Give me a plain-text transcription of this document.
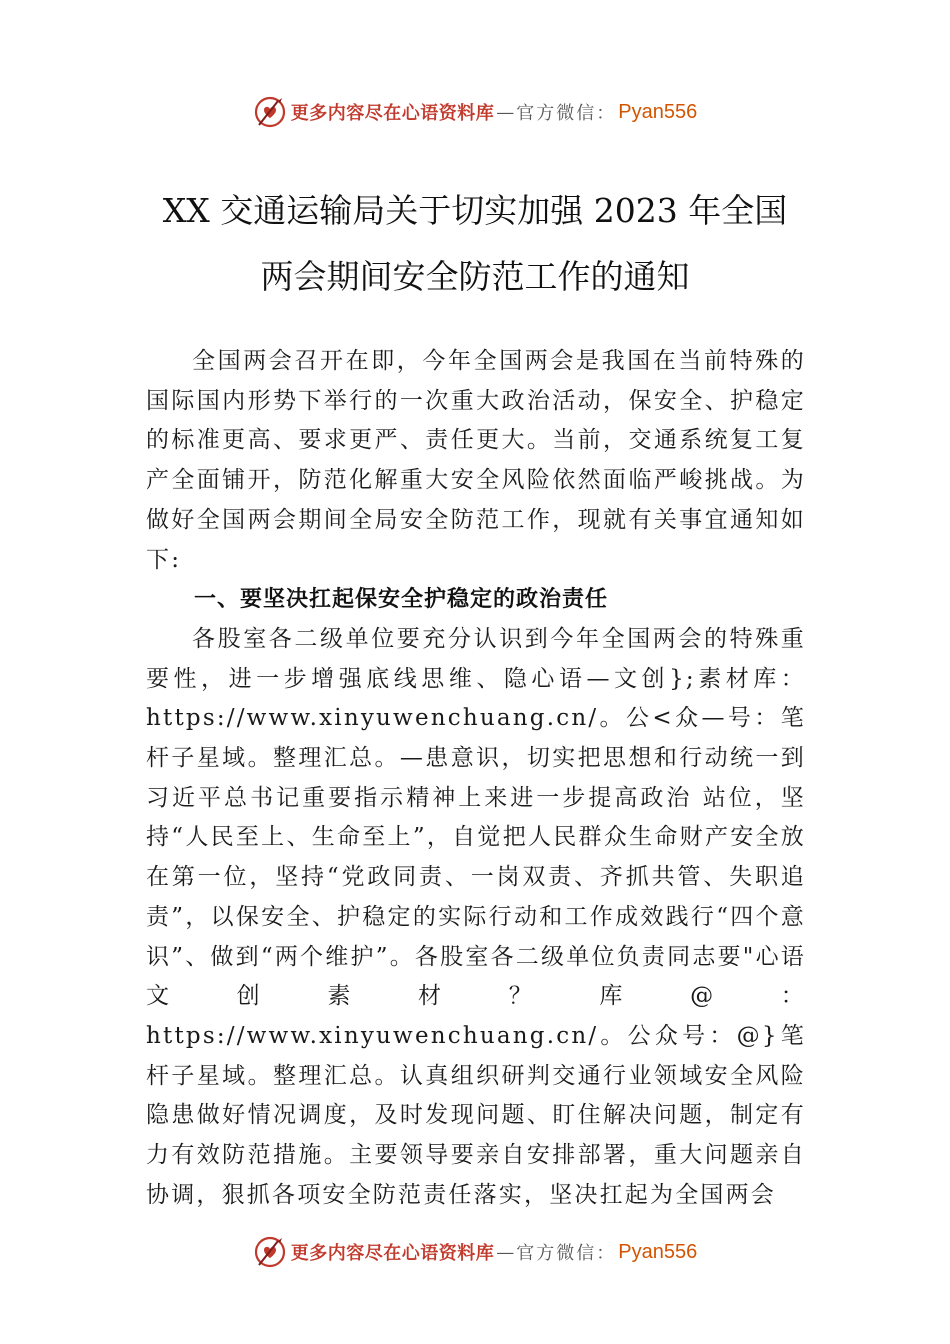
更多内容尽在心语资料库 — 官方微信： Pyan556
XX 交通运输局关于切实加强 2023 年全国
两会期间安全防范工作的通知

全国两会召开在即，今年全国两会是我国在当前特殊的国际国内形势下举行的一次重大政治活动，保安全、护稳定的标准更高、要求更严、责任更大。当前，交通系统复工复产全面铺开，防范化解重大安全风险依然面临严峻挑战。为做好全国两会期间全局安全防范工作，现就有关事宜通知如下:

一、要坚决扛起保安全护稳定的政治责任

各股室各二级单位要充分认识到今年全国两会的特殊重要性，进一步增强底线思维、隐心语—文创};素材库：https://www.xinyuwenchuang.cn/。公<众—号：笔杆子星域。整理汇总。—患意识，切实把思想和行动统一到习近平总书记重要指示精神上来进一步提高政治 站位，坚持“人民至上、生命至上”，自觉把人民群众生命财产安全放在第一位，坚持“党政同责、一岗双责、齐抓共管、失职追责”，以保安全、护稳定的实际行动和工作成效践行“四个意识”、做到“两个维护”。各股室各二级单位负责同志要"心语文创素材？库@：https://www.xinyuwenchuang.cn/。公众号：@}笔杆子星域。整理汇总。认真组织研判交通行业领域安全风险隐患做好情况调度，及时发现问题、盯住解决问题，制定有力有效防范措施。主要领导要亲自安排部署，重大问题亲自协调，狠抓各项安全防范责任落实，坚决扛起为全国两会

更多内容尽在心语资料库 — 官方微信： Pyan556
